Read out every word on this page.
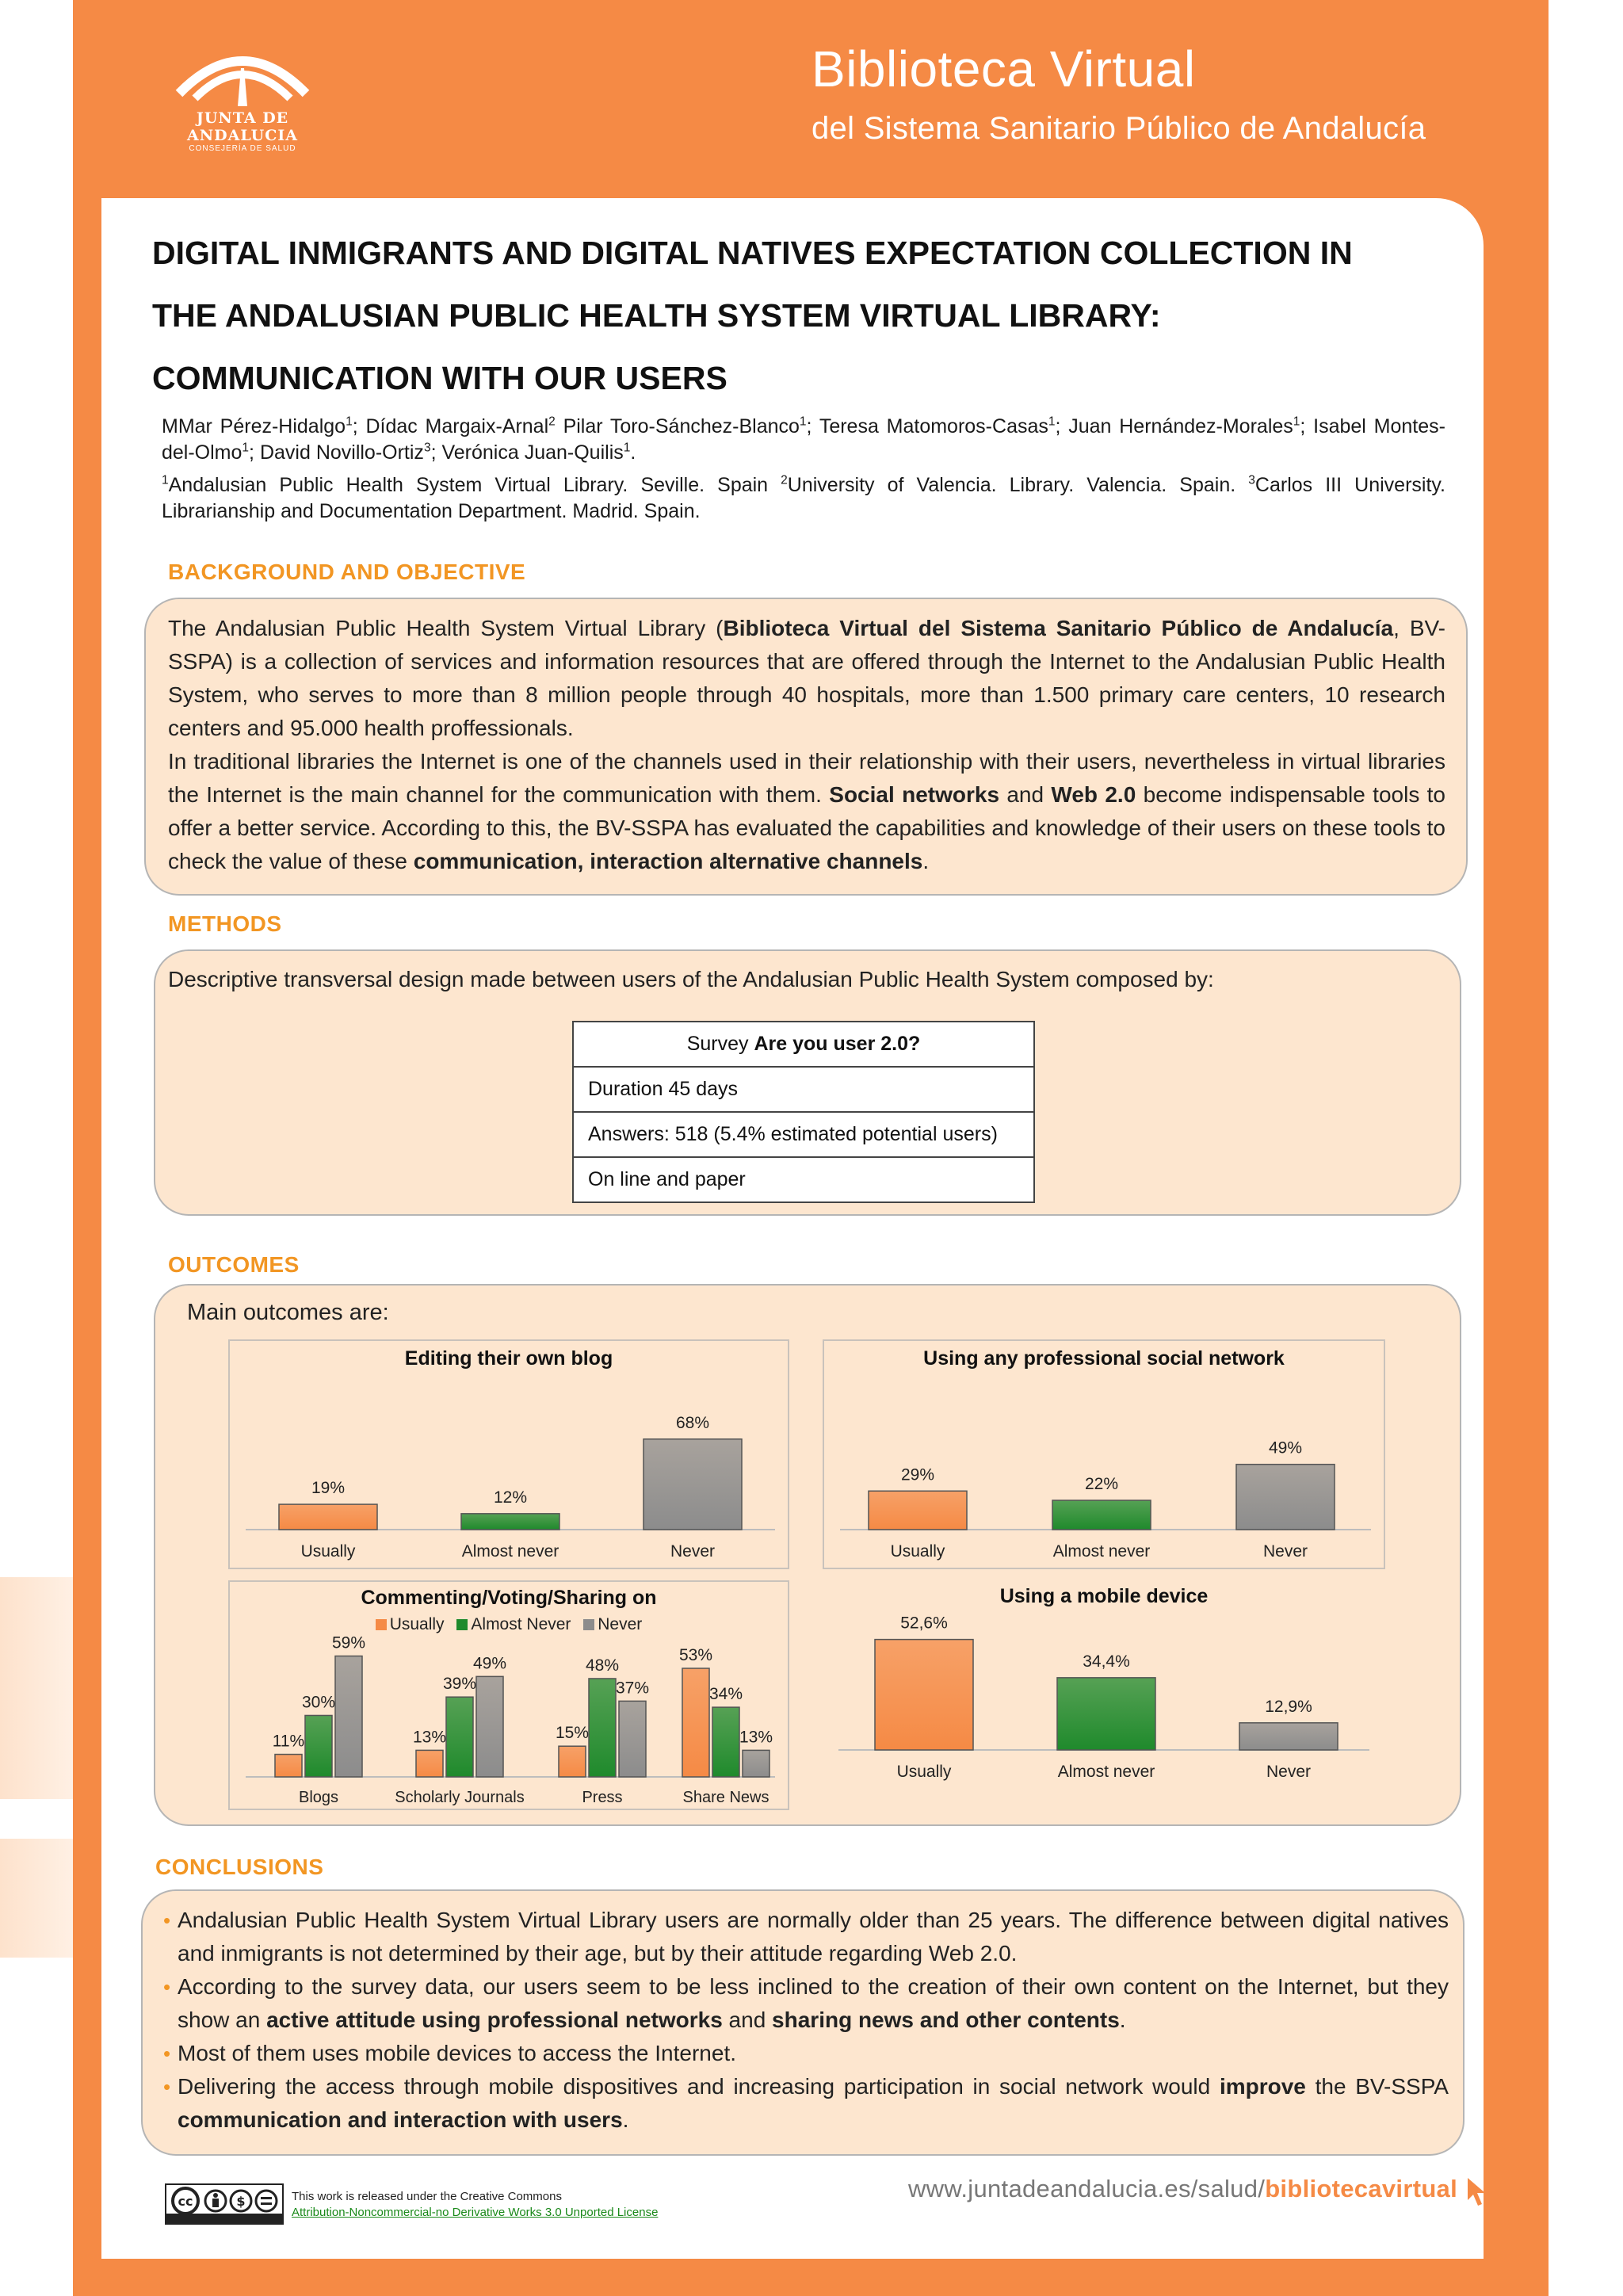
JUNTA DE ANDALUCIA
CONSEJERÍA DE SALUD
Biblioteca Virtual
del Sistema Sanitario Público de Andalucía
DIGITAL INMIGRANTS AND DIGITAL NATIVES EXPECTATION COLLECTION IN
THE ANDALUSIAN PUBLIC HEALTH SYSTEM VIRTUAL LIBRARY:
COMMUNICATION WITH OUR USERS
MMar Pérez-Hidalgo$^1$; Dídac Margaix-Arnal$^2$ Pilar Toro-Sánchez-Blanco$^1$; Teresa Matomoros-Casas$^1$; Juan Hernández-Morales$^1$; Isabel Montes-del-Olmo$^1$; David Novillo-Ortiz$^3$; Verónica Juan-Quilis$^1$.
$^1$Andalusian Public Health System Virtual Library. Seville. Spain $^2$University of Valencia. Library. Valencia. Spain. $^3$Carlos III University. Librarianship and Documentation Department. Madrid. Spain.
BACKGROUND AND OBJECTIVE
The Andalusian Public Health System Virtual Library (Biblioteca Virtual del Sistema Sanitario Público de Andalucía, BV-SSPA) is a collection of services and information resources that are offered through the Internet to the Andalusian Public Health System, who serves to more than 8 million people through 40 hospitals, more than 1.500 primary care centers, 10 research centers and 95.000 health proffessionals.
In traditional libraries the Internet is one of the channels used in their relationship with their users, nevertheless in virtual libraries the Internet is the main channel for the communication with them. Social networks and Web 2.0 become indispensable tools to offer a better service. According to this, the BV-SSPA has evaluated the capabilities and knowledge of their users on these tools to check the value of these communication, interaction alternative channels.
METHODS
Descriptive transversal design made between users of the Andalusian Public Health System composed by:
Survey Are you user 2.0?
Duration 45 days
Answers: 518 (5.4% estimated potential users)
On line and paper
OUTCOMES
Main outcomes are:
Editing their own blog
19%
Usually
12%
Almost never
68%
Never
Using any professional social network
29%
Usually
22%
Almost never
49%
Never
Commenting/Voting/Sharing on
Usually Almost Never Never
11%
30%
59%
Blogs
13%
39%
49%
Scholarly Journals
15%
48%
37%
Press
53%
34%
13%
Share News
Using a mobile device
52,6%
Usually
34,4%
Almost never
12,9%
Never
CONCLUSIONS
• Andalusian Public Health System Virtual Library users are normally older than 25 years. The difference between digital natives and inmigrants is not determined by their age, but by their attitude regarding Web 2.0.
• According to the survey data, our users seem to be less inclined to the creation of their own content on the Internet, but they show an active attitude using professional networks and sharing news and other contents.
• Most of them uses mobile devices to access the Internet.
• Delivering the access through mobile dispositives and increasing participation in social network would improve the BV-SSPA communication and interaction with users.
cc	$	This work is released under the Creative Commons
Attribution-Noncommercial-no Derivative Works 3.0 Unported License
www.juntadeandalucia.es/salud/bibliotecavirtual
